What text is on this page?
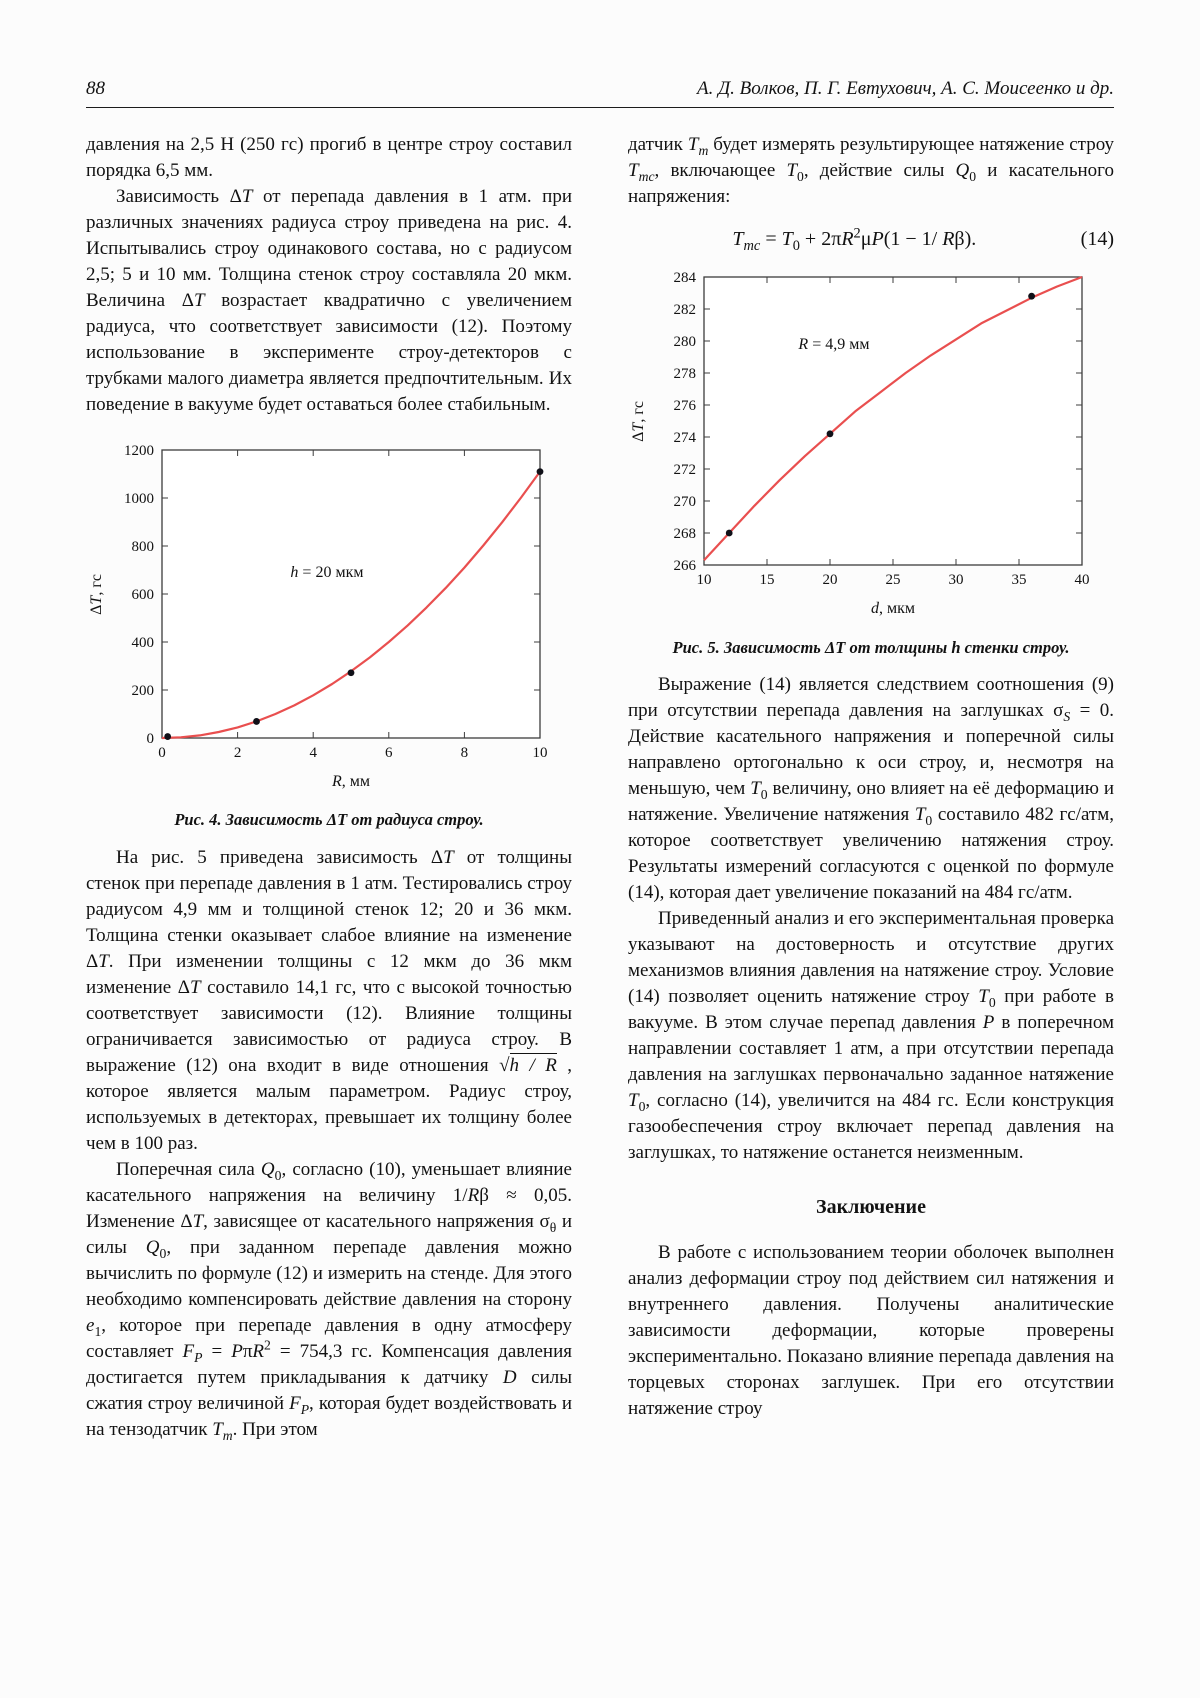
88	А. Д. Волков, П. Г. Евтухович, А. С. Моисеенко и др.

давления на 2,5 Н (250 гс) прогиб в центре строу составил порядка 6,5 мм.

Зависимость ΔT от перепада давления в 1 атм. при различных значениях радиуса строу приведена на рис. 4. Испытывались строу одинакового состава, но с радиусом 2,5; 5 и 10 мм. Толщина стенок строу составляла 20 мкм. Величина ΔT возрастает квадратично с увеличением радиуса, что соответствует зависимости (12). Поэтому использование в эксперименте строу-детекторов с трубками малого диаметра является предпочтительным. Их поведение в вакууме будет оставаться более стабильным.

ΔT, гс
0	2	4	6	8	10
0
200
400
600
800
1000
1200
h = 20 мкм
R, мм
Рис. 4. Зависимость ΔT от радиуса строу.

На рис. 5 приведена зависимость ΔT от толщины стенок при перепаде давления в 1 атм. Тестировались строу радиусом 4,9 мм и толщиной стенок 12; 20 и 36 мкм. Толщина стенки оказывает слабое влияние на изменение ΔT. При изменении толщины с 12 мкм до 36 мкм изменение ΔT составило 14,1 гс, что с высокой точностью соответствует зависимости (12). Влияние толщины ограничивается зависимостью от радиуса строу. В выражение (12) она входит в виде отношения √h / R , которое является малым параметром. Радиус строу, используемых в детекторах, превышает их толщину более чем в 100 раз.

Поперечная сила $Q_0$, согласно (10), уменьшает влияние касательного напряжения на величину 1/Rβ ≈ 0,05. Изменение ΔT, зависящее от касательного напряжения $\sigma_\theta$ и силы $Q_0$, при заданном перепаде давления можно вычислить по формуле (12) и измерить на стенде. Для этого необходимо компенсировать действие давления на сторону $e_1$, которое при перепаде давления в одну атмосферу составляет $F_P = P\pi R^2 = 754,3$ гс. Компенсация давления достигается путем прикладывания к датчику D силы сжатия строу величиной $F_P$, которая будет воздействовать и на тензодатчик $T_m$. При этом

датчик $T_m$ будет измерять результирующее натяжение строу $T_{mc}$, включающее $T_0$, действие силы $Q_0$ и касательного напряжения:

$T_{mc} = T_0 + 2\pi R^2\mu P(1 - 1/$ Rβ).	(14)
ΔT, гс
10	15	20	25	30	35	40
266
268
270
272
274
276
278
280
282
284
R = 4,9 мм
d, мкм
Рис. 5. Зависимость ΔT от толщины h стенки строу.

Выражение (14) является следствием соотношения (9) при отсутствии перепада давления на заглушках $\sigma_S = 0$. Действие касательного напряжения и поперечной силы направлено ортогонально к оси строу, и, несмотря на меньшую, чем $T_0$ величину, оно влияет на её деформацию и натяжение. Увеличение натяжения $T_0$ составило 482 гс/атм, которое соответствует увеличению натяжения строу. Результаты измерений согласуются с оценкой по формуле (14), которая дает увеличение показаний на 484 гс/атм.

Приведенный анализ и его экспериментальная проверка указывают на достоверность и отсутствие других механизмов влияния давления на натяжение строу. Условие (14) позволяет оценить натяжение строу $T_0$ при работе в вакууме. В этом случае перепад давления P в поперечном направлении составляет 1 атм, а при отсутствии перепада давления на заглушках первоначально заданное натяжение $T_0$, согласно (14), увеличится на 484 гс. Если конструкция газообеспечения строу включает перепад давления на заглушках, то натяжение останется неизменным.

Заключение

В работе с использованием теории оболочек выполнен анализ деформации строу под действием сил натяжения и внутреннего давления. Получены аналитические зависимости деформации, которые проверены экспериментально. Показано влияние перепада давления на торцевых сторонах заглушек. При его отсутствии натяжение строу
